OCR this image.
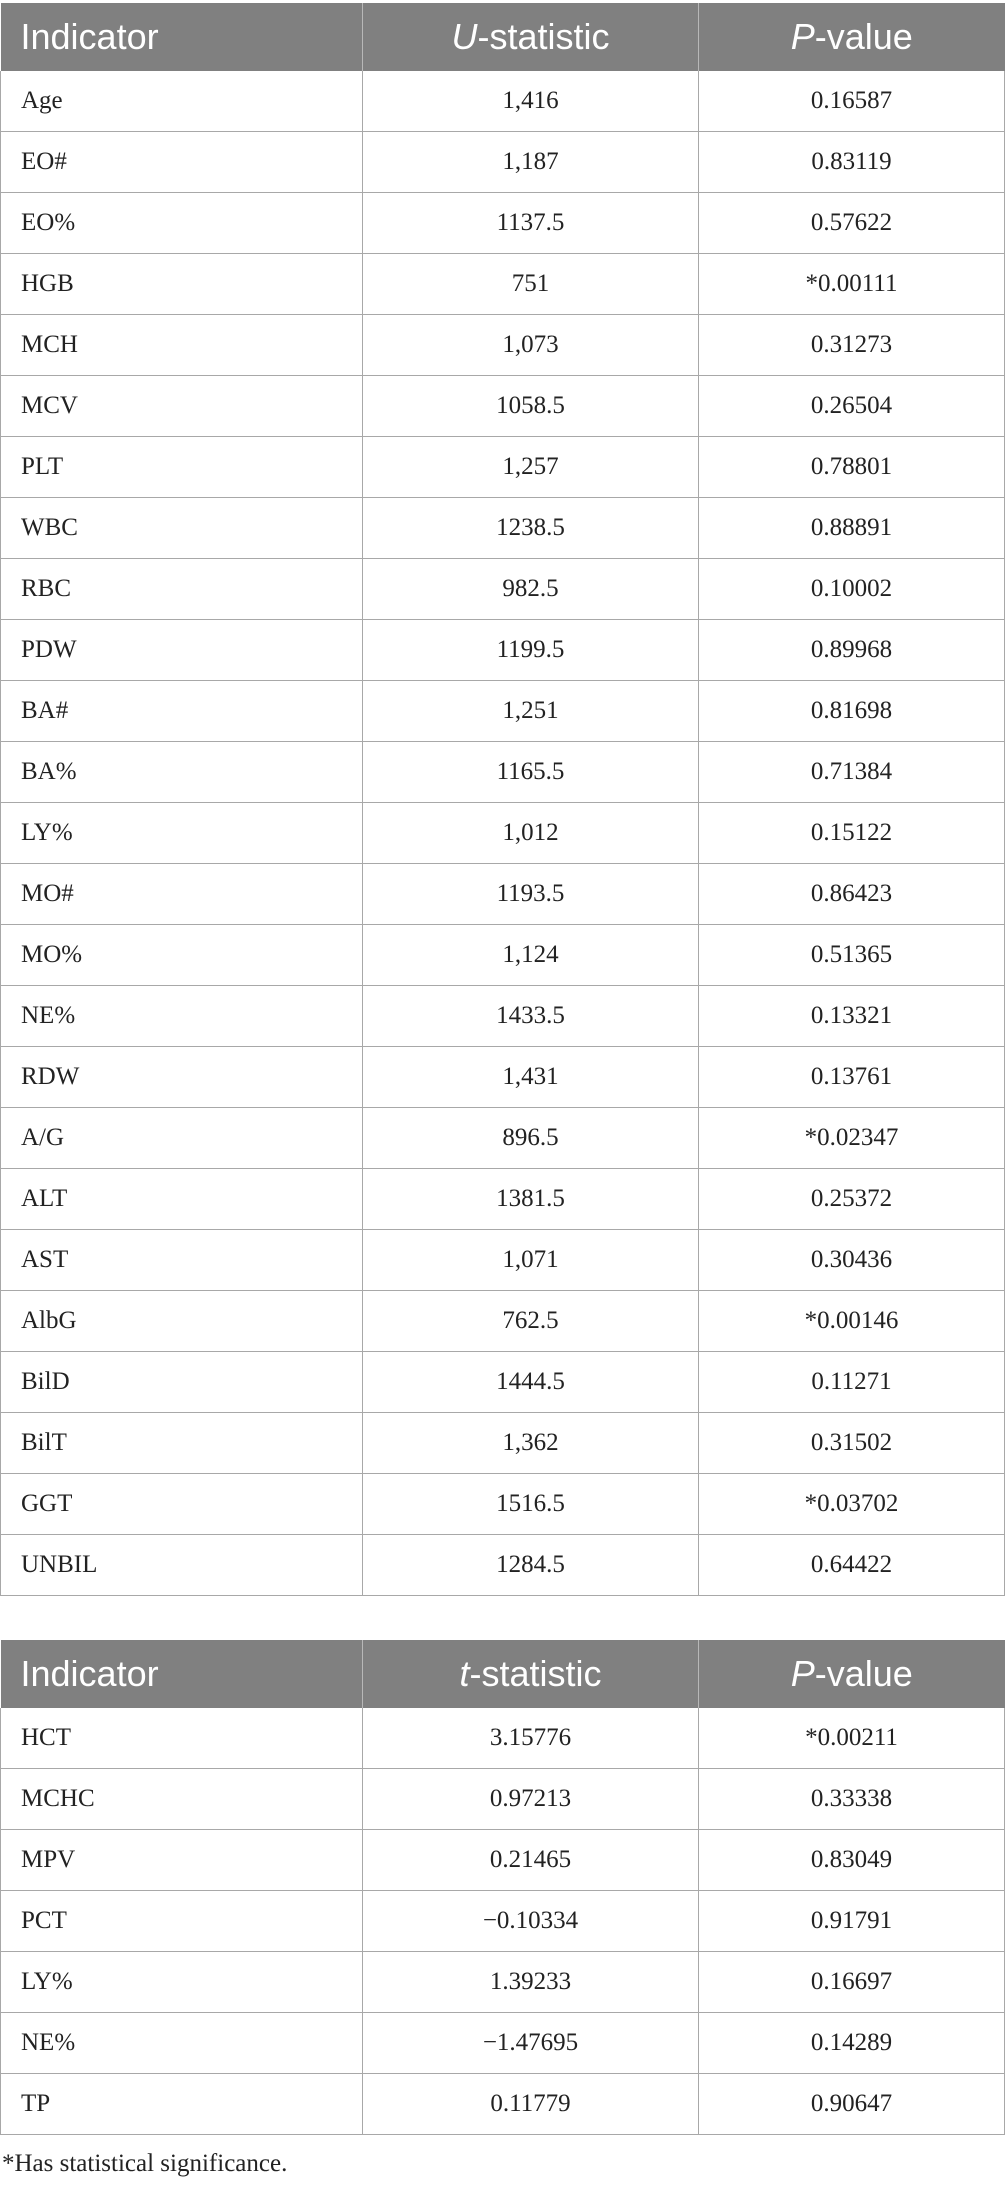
Indicator	U-statistic	P-value
Age	1,416	0.16587
EO#	1,187	0.83119
EO%	1137.5	0.57622
HGB	751	*0.00111
MCH	1,073	0.31273
MCV	1058.5	0.26504
PLT	1,257	0.78801
WBC	1238.5	0.88891
RBC	982.5	0.10002
PDW	1199.5	0.89968
BA#	1,251	0.81698
BA%	1165.5	0.71384
LY%	1,012	0.15122
MO#	1193.5	0.86423
MO%	1,124	0.51365
NE%	1433.5	0.13321
RDW	1,431	0.13761
A/G	896.5	*0.02347
ALT	1381.5	0.25372
AST	1,071	0.30436
AlbG	762.5	*0.00146
BilD	1444.5	0.11271
BilT	1,362	0.31502
GGT	1516.5	*0.03702
UNBIL	1284.5	0.64422
Indicator	t-statistic	P-value
HCT	3.15776	*0.00211
MCHC	0.97213	0.33338
MPV	0.21465	0.83049
PCT	−0.10334	0.91791
LY%	1.39233	0.16697
NE%	−1.47695	0.14289
TP	0.11779	0.90647
*Has statistical significance.
